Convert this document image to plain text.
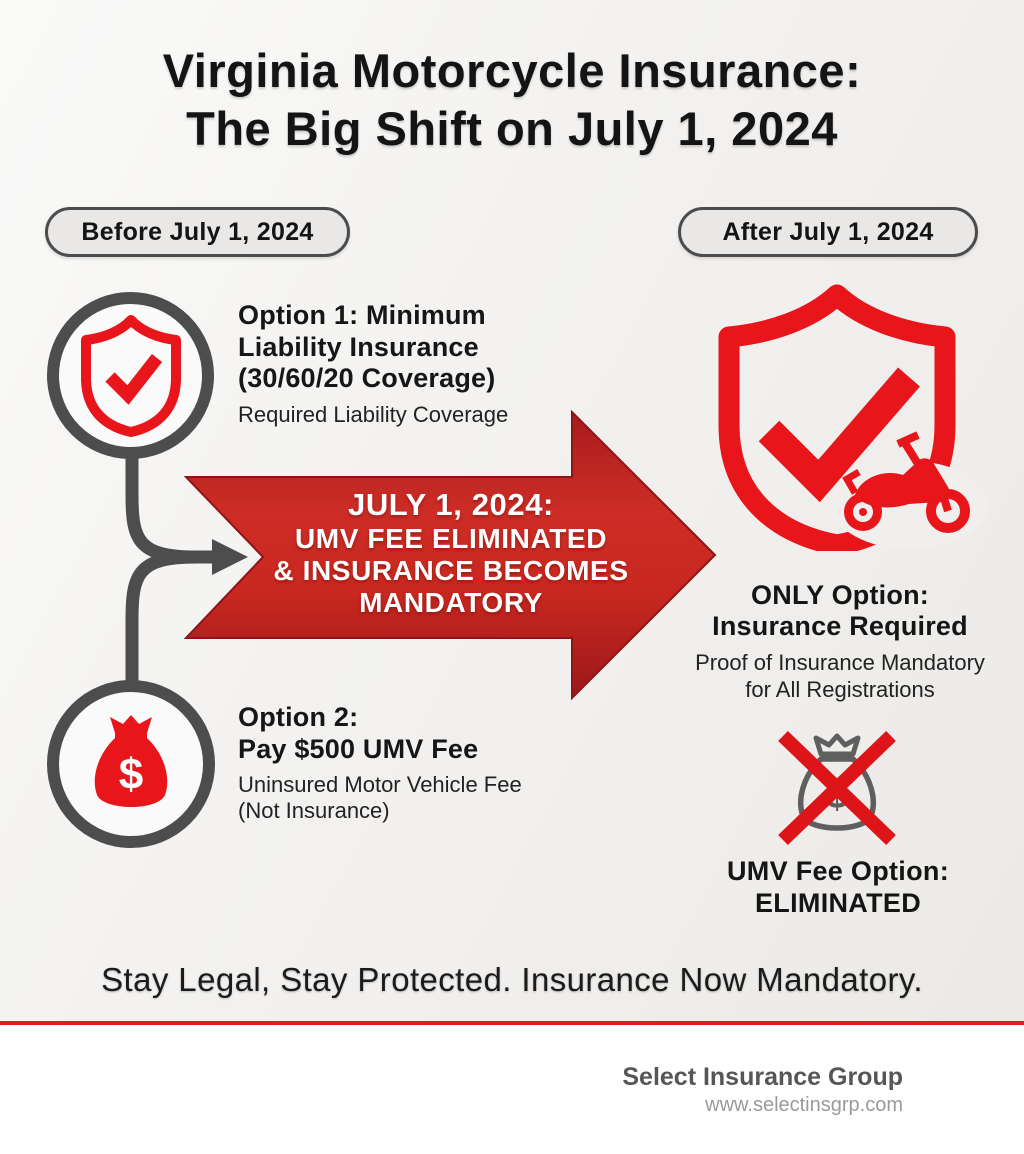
Virginia Motorcycle Insurance:
The Big Shift on July 1, 2024
Before July 1, 2024	After July 1, 2024
Option 1: Minimum
Liability Insurance
(30/60/20 Coverage)
Required Liability Coverage
JULY 1, 2024:
UMV FEE ELIMINATED
& INSURANCE BECOMES
MANDATORY
$
Option 2:
Pay $500 UMV Fee
Uninsured Motor Vehicle Fee
(Not Insurance)
ONLY Option:
Insurance Required
Proof of Insurance Mandatory
for All Registrations
UMV Fee Option:
ELIMINATED
Stay Legal, Stay Protected. Insurance Now Mandatory.
Select Insurance Group
www.selectinsgrp.com
